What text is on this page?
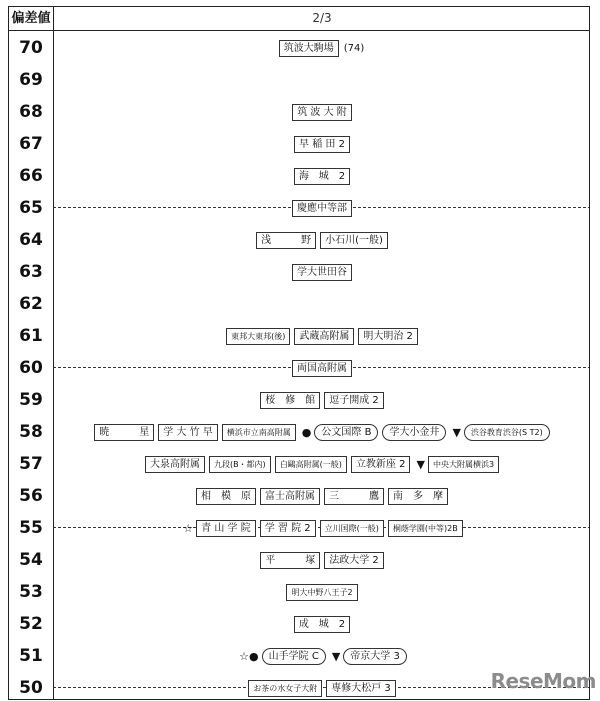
偏差値	2/3
70	筑波大駒場	(74)
69
68	筑 波 大 附
67	早 稲 田 2
66	海　城　2
65	慶應中等部
64	浅　　　野	小石川(一般)
63	学大世田谷
62
61	東邦大東邦(後)	武蔵高附属	明大明治 2
60	両国高附属
59	桜　修　館	逗子開成 2
58	暁　　　星	学 大 竹 早	横浜市立南高附属	●	公文国際 B	学大小金井	▼	渋谷教育渋谷(S T2)
57	大泉高附属	九段(B・都内)	白鷗高附属(一般)	立教新座 2	▼	中央大附属横浜3
56	相　模　原	富士高附属	三　　　鷹	南　多　摩
55	☆ 青 山 学 院	学 習 院 2	立川国際(一般)	桐蔭学園(中等)2B
54	平　　　塚	法政大学 2
53	明大中野八王子2
52	成　城　2
51	☆●	山手学院 C	▼	帝京大学 3
50	お茶の水女子大附	専修大松戸 3	ReseMom
